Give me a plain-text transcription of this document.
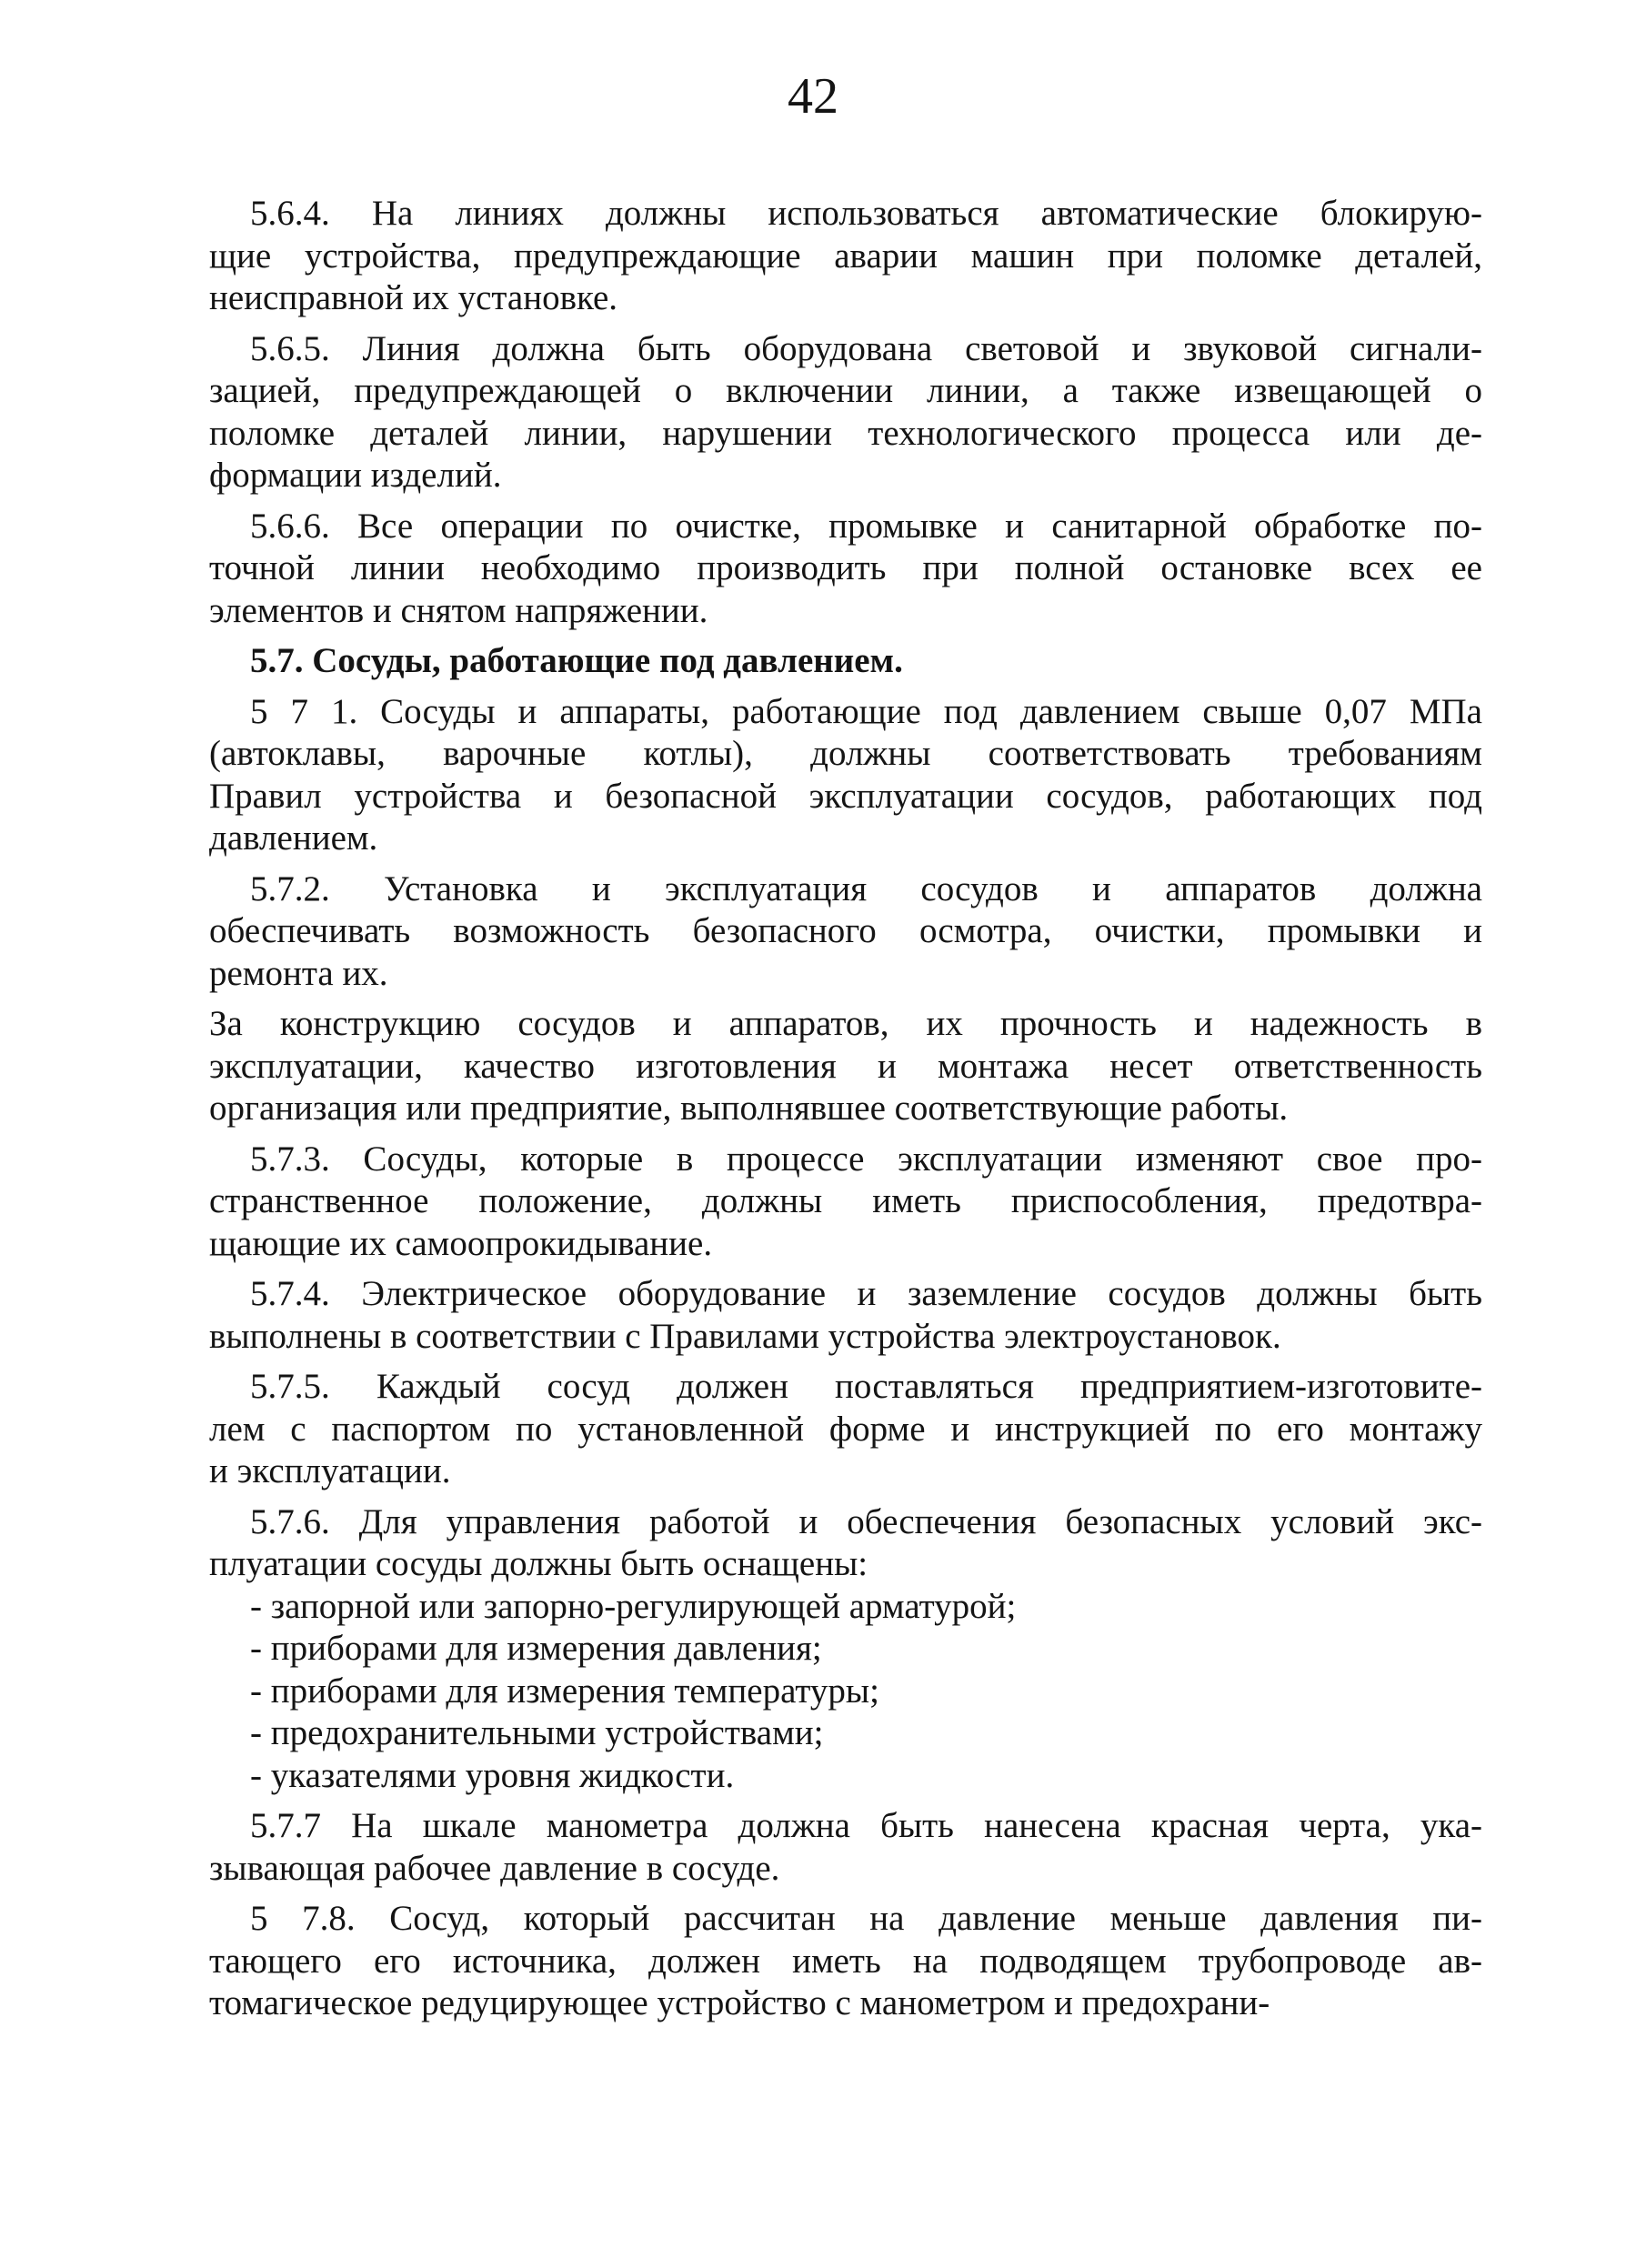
42

5.6.4. На линиях должны использоваться автоматические блокирую-
щие устройства, предупреждающие аварии машин при поломке деталей,
неисправной их установке.

5.6.5. Линия должна быть оборудована световой и звуковой сигнали-
зацией, предупреждающей о включении линии, а также извещающей о
поломке деталей линии, нарушении технологического процесса или де-
формации изделий.

5.6.6. Все операции по очистке, промывке и санитарной обработке по-
точной линии необходимо производить при полной остановке всех ее
элементов и снятом напряжении.

5.7. Сосуды, работающие под давлением.

5 7 1. Сосуды и аппараты, работающие под давлением свыше 0,07 МПа
(автоклавы, варочные котлы), должны соответствовать требованиям
Правил устройства и безопасной эксплуатации сосудов, работающих под
давлением.

5.7.2. Установка и эксплуатация сосудов и аппаратов должна
обеспечивать возможность безопасного осмотра, очистки, промывки и
ремонта их.

За конструкцию сосудов и аппаратов, их прочность и надежность в
эксплуатации, качество изготовления и монтажа несет ответственность
организация или предприятие, выполнявшее соответствующие работы.

5.7.3. Сосуды, которые в процессе эксплуатации изменяют свое про-
странственное положение, должны иметь приспособления, предотвра-
щающие их самоопрокидывание.

5.7.4. Электрическое оборудование и заземление сосудов должны быть
выполнены в соответствии с Правилами устройства электроустановок.

5.7.5. Каждый сосуд должен поставляться предприятием-изготовите-
лем с паспортом по установленной форме и инструкцией по его монтажу
и эксплуатации.

5.7.6. Для управления работой и обеспечения безопасных условий экс-
плуатации сосуды должны быть оснащены:

- запорной или запорно-регулирующей арматурой;

- приборами для измерения давления;

- приборами для измерения температуры;

- предохранительными устройствами;

- указателями уровня жидкости.

5.7.7 На шкале манометра должна быть нанесена красная черта, ука-
зывающая рабочее давление в сосуде.

5 7.8. Сосуд, который рассчитан на давление меньше давления пи-
тающего его источника, должен иметь на подводящем трубопроводе ав-
томагическое редуцирующее устройство с манометром и предохрани-
